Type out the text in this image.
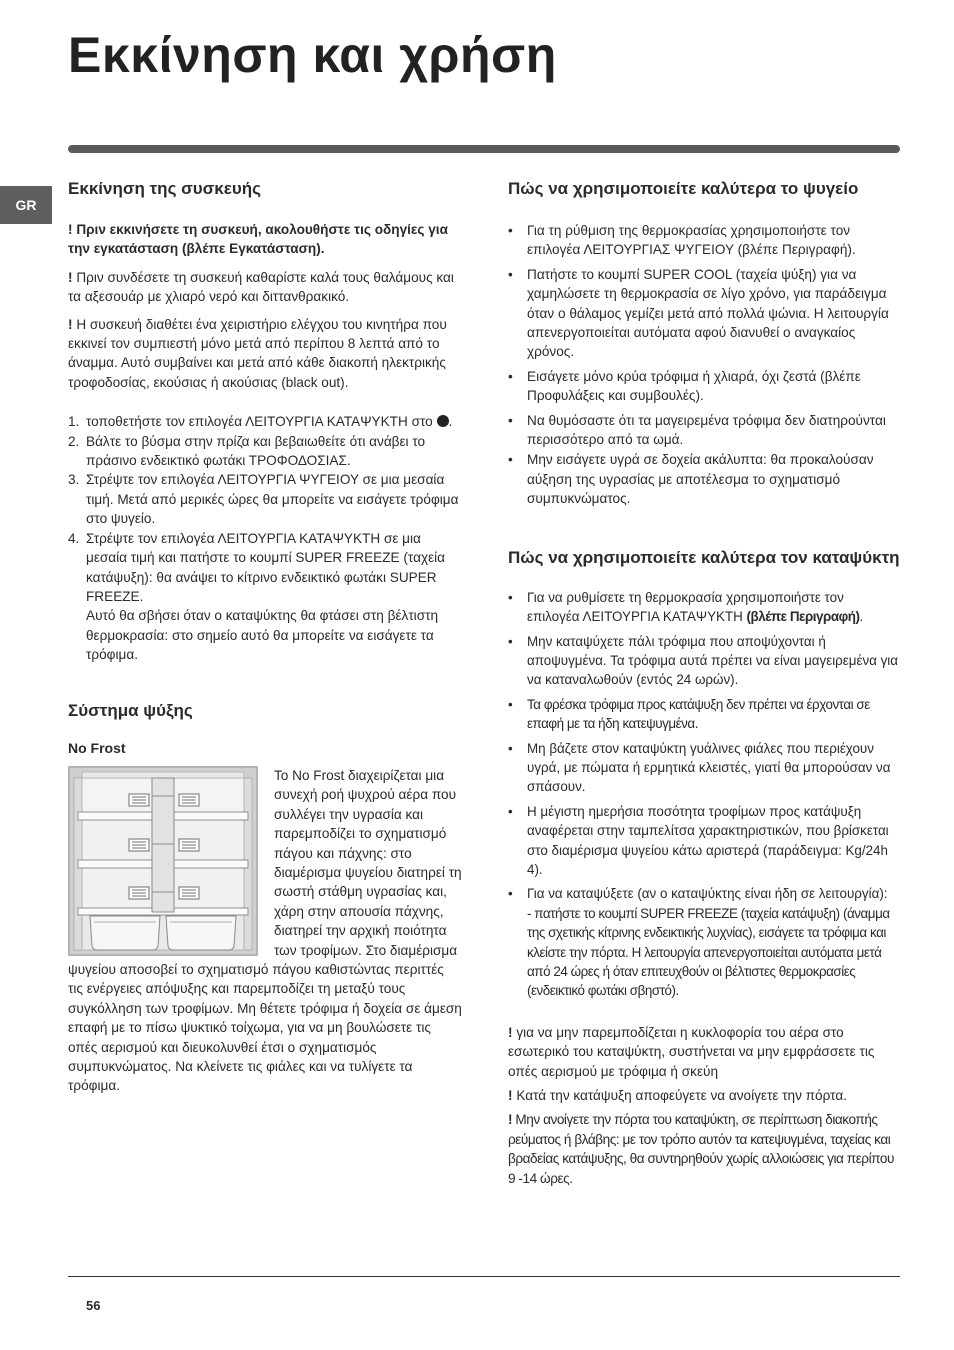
Εκκίνηση και χρήση
GR
Εκκίνηση της συσκευής

! Πριν εκκινήσετε τη συσκευή, ακολουθήστε τις οδηγίες για την εγκατάσταση (βλέπε Εγκατάσταση).

! Πριν συνδέσετε τη συσκευή καθαρίστε καλά τους θαλάμους και τα αξεσουάρ με χλιαρό νερό και διττανθρακικό.

! Η συσκευή διαθέτει ένα χειριστήριο ελέγχου του κινητήρα που εκκινεί τον συμπιεστή μόνο μετά από περίπου 8 λεπτά από το άναμμα. Αυτό συμβαίνει και μετά από κάθε διακοπή ηλεκτρικής τροφοδοσίας, εκούσιας ή ακούσιας (black out).

1. τοποθετήστε τον επιλογέα ΛΕΙΤΟΥΡΓΙΑ ΚΑΤΑΨΥΚΤΗ στο .
2. Βάλτε το βύσμα στην πρίζα και βεβαιωθείτε ότι ανάβει το πράσινο ενδεικτικό φωτάκι ΤΡΟΦΟΔΟΣΙΑΣ.
3. Στρέψτε τον επιλογέα ΛΕΙΤΟΥΡΓΙΑ ΨΥΓΕΙΟΥ σε μια μεσαία τιμή. Μετά από μερικές ώρες θα μπορείτε να εισάγετε τρόφιμα στο ψυγείο.
4. Στρέψτε τον επιλογέα ΛΕΙΤΟΥΡΓΙΑ ΚΑΤΑΨΥΚΤΗ σε μια μεσαία τιμή και πατήστε το κουμπί SUPER FREEZE (ταχεία κατάψυξη): θα ανάψει το κίτρινο ενδεικτικό φωτάκι SUPER FREEZE.
Αυτό θα σβήσει όταν ο καταψύκτης θα φτάσει στη βέλτιστη θερμοκρασία: στο σημείο αυτό θα μπορείτε να εισάγετε τα τρόφιμα.
Σύστημα ψύξης
No Frost

Το No Frost διαχειρίζεται μια συνεχή ροή ψυχρού αέρα που συλλέγει την υγρασία και παρεμποδίζει το σχηματισμό πάγου και πάχνης: στο διαμέρισμα ψυγείου διατηρεί τη σωστή στάθμη υγρασίας και, χάρη στην απουσία πάχνης, διατηρεί την αρχική ποιότητα των τροφίμων. Στο διαμέρισμα ψυγείου αποσοβεί το σχηματισμό πάγου καθιστώντας περιττές τις ενέργειες απόψυξης και παρεμποδίζει τη μεταξύ τους συγκόλληση των τροφίμων. Μη θέτετε τρόφιμα ή δοχεία σε άμεση επαφή με το πίσω ψυκτικό τοίχωμα, για να μη βουλώσετε τις οπές αερισμού και διευκολυνθεί έτσι ο σχηματισμός συμπυκνώματος. Να κλείνετε τις φιάλες και να τυλίγετε τα τρόφιμα.

Πώς να χρησιμοποιείτε καλύτερα το ψυγείο
• Για τη ρύθμιση της θερμοκρασίας χρησιμοποιήστε τον επιλογέα ΛΕΙΤΟΥΡΓΙΑΣ ΨΥΓΕΙΟΥ (βλέπε Περιγραφή).
• Πατήστε το κουμπί SUPER COOL (ταχεία ψύξη) για να χαμηλώσετε τη θερμοκρασία σε λίγο χρόνο, για παράδειγμα όταν ο θάλαμος γεμίζει μετά από πολλά ψώνια. Η λειτουργία απενεργοποιείται αυτόματα αφού διανυθεί ο αναγκαίος χρόνος.
• Εισάγετε μόνο κρύα τρόφιμα ή χλιαρά, όχι ζεστά (βλέπε Προφυλάξεις και συμβουλές).
• Να θυμόσαστε ότι τα μαγειρεμένα τρόφιμα δεν διατηρούνται περισσότερο από τα ωμά.
• Μην εισάγετε υγρά σε δοχεία ακάλυπτα: θα προκαλούσαν αύξηση της υγρασίας με αποτέλεσμα το σχηματισμό συμπυκνώματος.
Πώς να χρησιμοποιείτε καλύτερα τον καταψύκτη
• Για να ρυθμίσετε τη θερμοκρασία χρησιμοποιήστε τον επιλογέα ΛΕΙΤΟΥΡΓΙΑ ΚΑΤΑΨΥΚΤΗ (βλέπε Περιγραφή).
• Μην καταψύχετε πάλι τρόφιμα που αποψύχονται ή αποψυγμένα. Τα τρόφιμα αυτά πρέπει να είναι μαγειρεμένα για να καταναλωθούν (εντός 24 ωρών).
• Τα φρέσκα τρόφιμα προς κατάψυξη δεν πρέπει να έρχονται σε επαφή με τα ήδη κατεψυγμένα.
• Μη βάζετε στον καταψύκτη γυάλινες φιάλες που περιέχουν υγρά, με πώματα ή ερμητικά κλειστές, γιατί θα μπορούσαν να σπάσουν.
• Η μέγιστη ημερήσια ποσότητα τροφίμων προς κατάψυξη αναφέρεται στην ταμπελίτσα χαρακτηριστικών, που βρίσκεται στο διαμέρισμα ψυγείου κάτω αριστερά (παράδειγμα: Kg/24h 4).
• Για να καταψύξετε (αν ο καταψύκτης είναι ήδη σε λειτουργία):
- πατήστε το κουμπί SUPER FREEZE (ταχεία κατάψυξη) (άναμμα της σχετικής κίτρινης ενδεικτικής λυχνίας), εισάγετε τα τρόφιμα και κλείστε την πόρτα. Η λειτουργία απενεργοποιείται αυτόματα μετά από 24 ώρες ή όταν επιτευχθούν οι βέλτιστες θερμοκρασίες (ενδεικτικό φωτάκι σβηστό).

! για να μην παρεμποδίζεται η κυκλοφορία του αέρα στο εσωτερικό του καταψύκτη, συστήνεται να μην εμφράσσετε τις οπές αερισμού με τρόφιμα ή σκεύη

! Κατά την κατάψυξη αποφεύγετε να ανοίγετε την πόρτα.

! Μην ανοίγετε την πόρτα του καταψύκτη, σε περίπτωση διακοπής ρεύματος ή βλάβης: με τον τρόπο αυτόν τα κατεψυγμένα, ταχείας και βραδείας κατάψυξης, θα συντηρηθούν χωρίς αλλοιώσεις για περίπου 9 -14 ώρες.

56
